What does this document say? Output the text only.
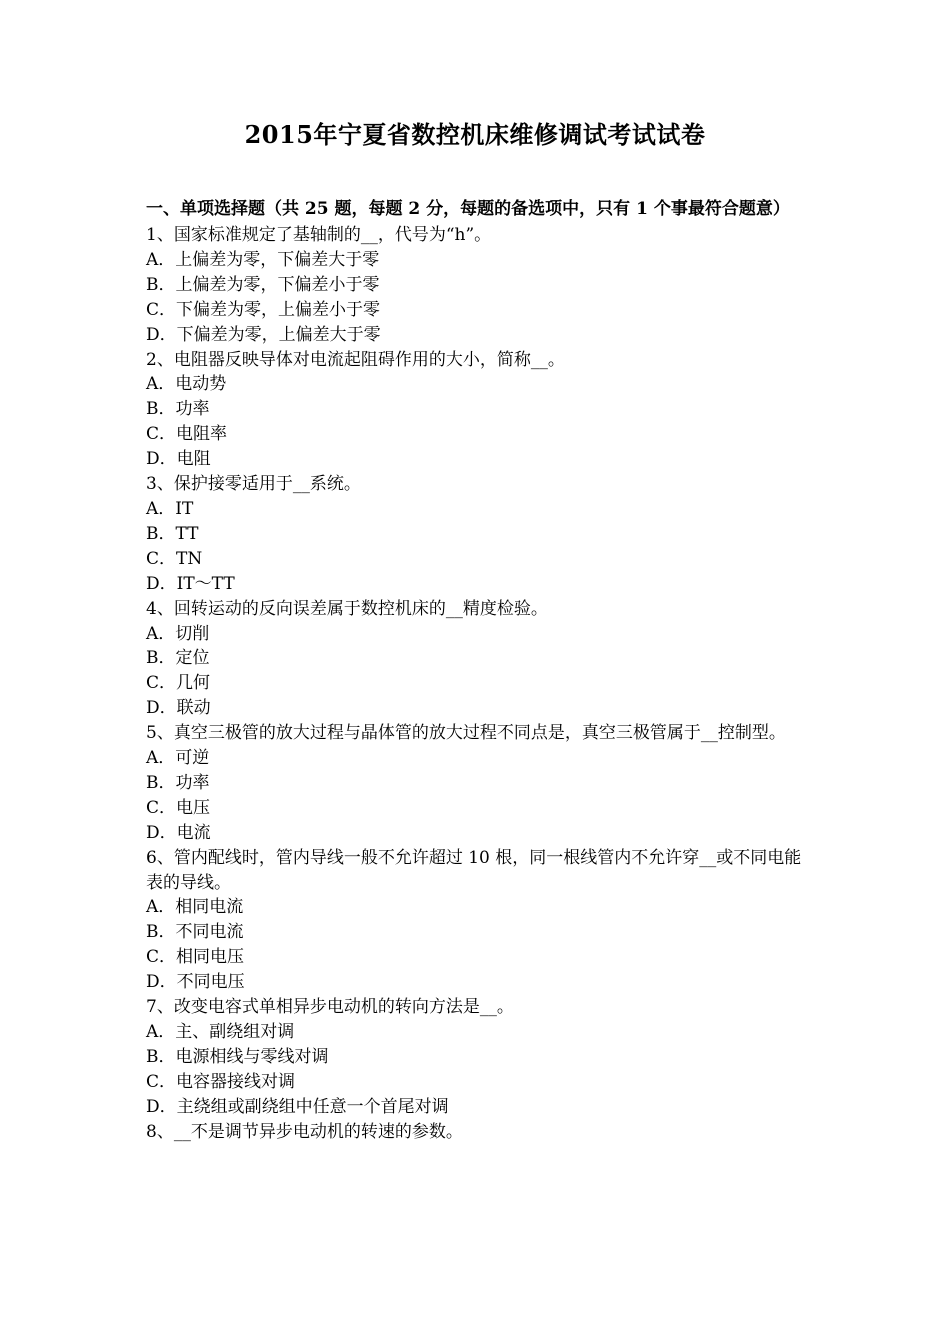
2015年宁夏省数控机床维修调试考试试卷
一、单项选择题（共 25 题，每题 2 分，每题的备选项中，只有 1 个事最符合题意）

1、国家标准规定了基轴制的__，代号为“h”。

A．上偏差为零，下偏差大于零

B．上偏差为零，下偏差小于零

C．下偏差为零，上偏差小于零

D．下偏差为零，上偏差大于零

2、电阻器反映导体对电流起阻碍作用的大小，简称__。

A．电动势

B．功率

C．电阻率

D．电阻

3、保护接零适用于__系统。

A．IT

B．TT

C．TN

D．IT～TT

4、回转运动的反向误差属于数控机床的__精度检验。

A．切削

B．定位

C．几何

D．联动

5、真空三极管的放大过程与晶体管的放大过程不同点是，真空三极管属于__控制型。

A．可逆

B．功率

C．电压

D．电流

6、管内配线时，管内导线一般不允许超过 10 根，同一根线管内不允许穿__或不同电能表的导线。

A．相同电流

B．不同电流

C．相同电压

D．不同电压

7、改变电容式单相异步电动机的转向方法是__。

A．主、副绕组对调

B．电源相线与零线对调

C．电容器接线对调

D．主绕组或副绕组中任意一个首尾对调

8、__不是调节异步电动机的转速的参数。
